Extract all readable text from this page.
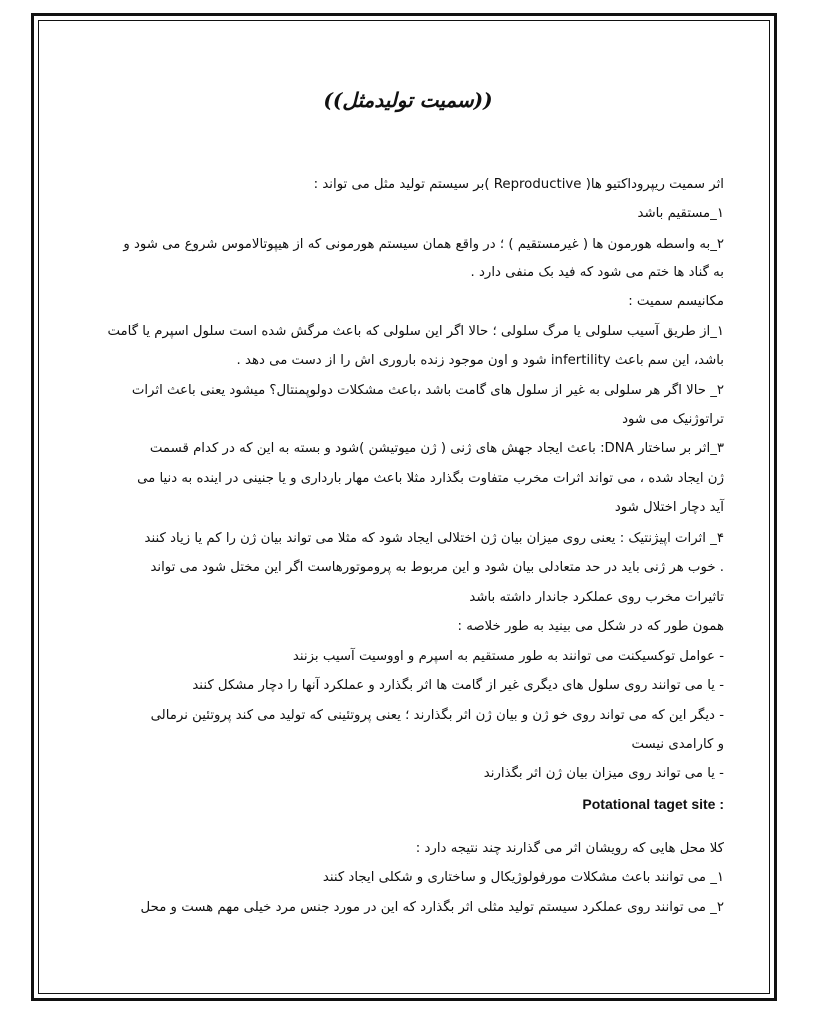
((سمیت تولیدمثل))
اثر سمیت ریپروداکتیو ها( Reproductive )بر سیستم تولید مثل می تواند :
۱_مستقیم باشد
۲_به واسطه هورمون ها ( غیرمستقیم ) ؛ در واقع همان سیستم هورمونی که از هیپوتالاموس شروع می شود و
به گناد ها ختم می شود که فید بک منفی دارد .
مکانیسم سمیت :
۱_از طریق آسیب سلولی یا مرگ سلولی ؛ حالا اگر این سلولی که باعث مرگش شده است سلول اسپرم یا گامت
باشد، این سم باعث infertility شود و اون موجود زنده باروری اش را از دست می دهد .
۲_ حالا اگر هر سلولی به غیر از سلول های گامت باشد ،باعث مشکلات دولوپمنتال؟ میشود یعنی باعث اثرات
تراتوژنیک می شود
۳_اثر بر ساختار DNA: باعث ایجاد جهش های ژنی ( ژن میوتیشن )شود و بسته به این که در کدام قسمت
ژن ایجاد شده ، می تواند اثرات مخرب متفاوت بگذارد مثلا باعث مهار بارداری و یا جنینی در اینده به دنیا می
آید دچار اختلال شود
۴_ اثرات اپیژنتیک : یعنی روی میزان بیان ژن اختلالی ایجاد شود که مثلا می تواند بیان ژن را کم یا زیاد کنند
. خوب هر ژنی باید در حد متعادلی بیان شود و این مربوط به پروموتورهاست اگر این مختل شود می تواند
تاثیرات مخرب روی عملکرد جاندار داشته باشد
همون طور که در شکل می بینید به طور خلاصه :
- عوامل توکسیکنت می توانند به طور مستقیم به اسپرم و اووسیت آسیب بزنند
- یا می توانند روی سلول های دیگری غیر از گامت ها اثر بگذارد و عملکرد آنها را دچار مشکل کنند
- دیگر این که می تواند روی خو ژن و بیان ژن اثر بگذارند ؛ یعنی پروتئینی که تولید می کند پروتئین نرمالی
و کارامدی نیست
- یا می تواند روی میزان بیان ژن اثر بگذارند
Potational taget site :
کلا محل هایی که رویشان اثر می گذارند چند نتیجه دارد :
۱_ می توانند باعث مشکلات مورفولوژیکال و ساختاری و شکلی ایجاد کنند
۲_ می توانند روی عملکرد سیستم تولید مثلی اثر بگذارد که این در مورد جنس مرد خیلی مهم هست و محل
